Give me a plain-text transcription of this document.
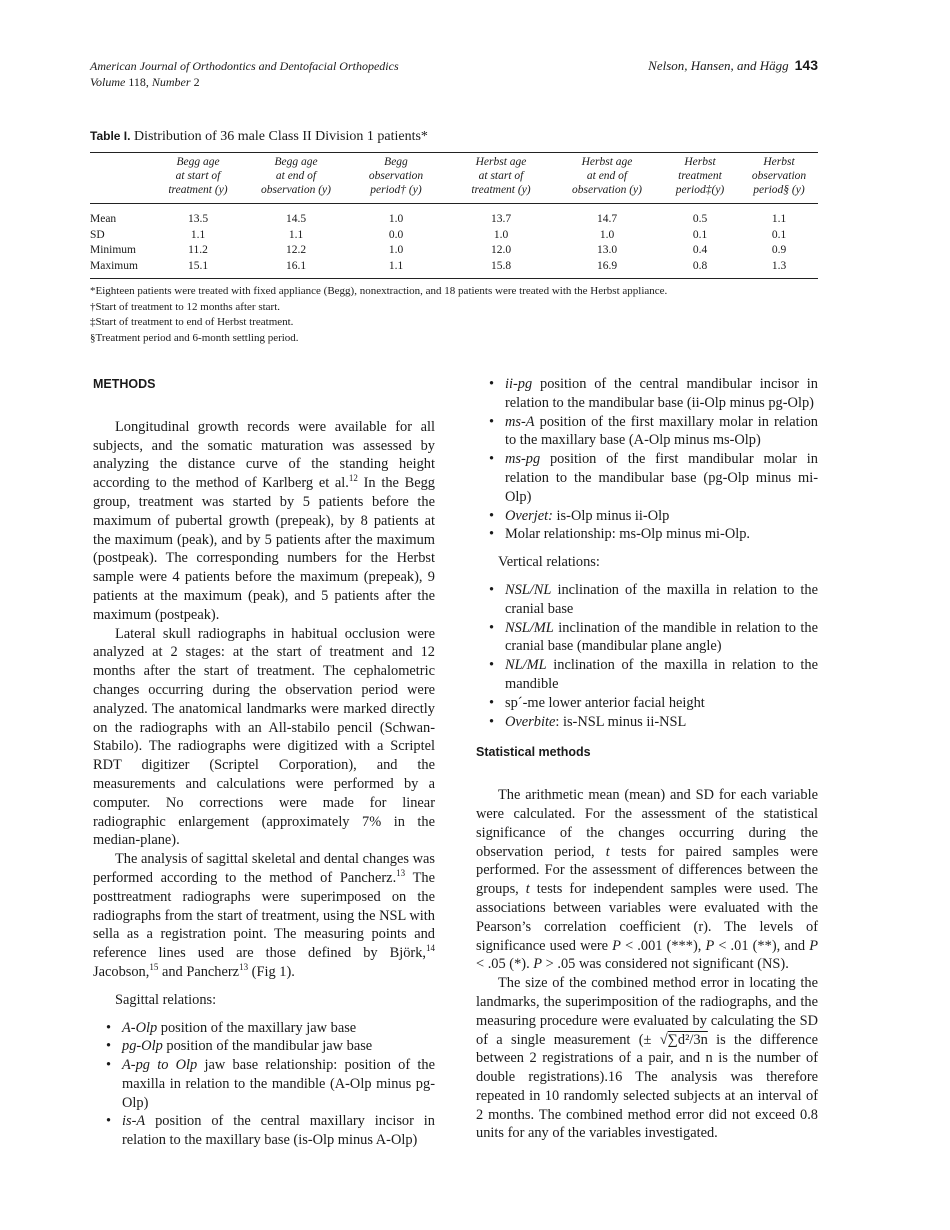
American Journal of Orthodontics and Dentofacial Orthopedics
Volume 118, Number 2
Nelson, Hansen, and Hägg 143
Table I. Distribution of 36 male Class II Division 1 patients*
	Begg age
at start of
treatment (y)	Begg age
at end of
observation (y)	Begg
observation
period† (y)	Herbst age
at start of
treatment (y)	Herbst age
at end of
observation (y)	Herbst
treatment
period‡(y)	Herbst
observation
period§ (y)
Mean	13.5	14.5	1.0	13.7	14.7	0.5	1.1
SD	1.1	1.1	0.0	1.0	1.0	0.1	0.1
Minimum	11.2	12.2	1.0	12.0	13.0	0.4	0.9
Maximum	15.1	16.1	1.1	15.8	16.9	0.8	1.3
*Eighteen patients were treated with fixed appliance (Begg), nonextraction, and 18 patients were treated with the Herbst appliance.
†Start of treatment to 12 months after start.
‡Start of treatment to end of Herbst treatment.
§Treatment period and 6-month settling period.
METHODS

Longitudinal growth records were available for all subjects, and the somatic maturation was assessed by analyzing the distance curve of the standing height according to the method of Karlberg et al.$^{12}$ In the Begg group, treatment was started by 5 patients before the maximum of pubertal growth (prepeak), by 8 patients at the maximum (peak), and by 5 patients after the maximum (postpeak). The corresponding numbers for the Herbst sample were 4 patients before the maximum (prepeak), 9 patients at the maximum (peak), and 5 patients after the maximum (postpeak).

Lateral skull radiographs in habitual occlusion were analyzed at 2 stages: at the start of treatment and 12 months after the start of treatment. The cephalometric changes occurring during the observation period were analyzed. The anatomical landmarks were marked directly on the radiographs with an All-stabilo pencil (Schwan-Stabilo). The radiographs were digitized with a Scriptel RDT digitizer (Scriptel Corporation), and the measurements and calculations were performed by a computer. No corrections were made for linear radiographic enlargement (approximately 7% in the median-plane).

The analysis of sagittal skeletal and dental changes was performed according to the method of Pancherz.$^{13}$ The posttreatment radiographs were superimposed on the radiographs from the start of treatment, using the NSL with sella as a registration point. The measuring points and reference lines used are those defined by Björk,$^{14}$ Jacobson,$^{15}$ and Pancherz$^{13}$ (Fig 1).

Sagittal relations:
• A-Olp position of the maxillary jaw base
• pg-Olp position of the mandibular jaw base
• A-pg to Olp jaw base relationship: position of the maxilla in relation to the mandible (A-Olp minus pg-Olp)
• is-A position of the central maxillary incisor in relation to the maxillary base (is-Olp minus A-Olp)
• ii-pg position of the central mandibular incisor in relation to the mandibular base (ii-Olp minus pg-Olp)
• ms-A position of the first maxillary molar in relation to the maxillary base (A-Olp minus ms-Olp)
• ms-pg position of the first mandibular molar in relation to the mandibular base (pg-Olp minus mi-Olp)
• Overjet: is-Olp minus ii-Olp
• Molar relationship: ms-Olp minus mi-Olp.
Vertical relations:
• NSL/NL inclination of the maxilla in relation to the cranial base
• NSL/ML inclination of the mandible in relation to the cranial base (mandibular plane angle)
• NL/ML inclination of the maxilla in relation to the mandible
• sp´-me lower anterior facial height
• Overbite: is-NSL minus ii-NSL
Statistical methods

The arithmetic mean (mean) and SD for each variable were calculated. For the assessment of the statistical significance of the changes occurring during the observation period, t tests for paired samples were performed. For the assessment of differences between the groups, t tests for independent samples were used. The associations between variables were evaluated with the Pearson’s correlation coefficient (r). The levels of significance used were P < .001 (***), P < .01 (**), and P < .05 (*). P > .05 was considered not significant (NS).

The size of the combined method error in locating the landmarks, the superimposition of the radiographs, and the measuring procedure were evaluated by calculating the SD of a single measurement (± √∑d²/3n is the difference between 2 registrations of a pair, and n is the number of double registrations).16 The analysis was therefore repeated in 10 randomly selected subjects at an interval of 2 months. The combined method error did not exceed 0.8 units for any of the variables investigated.
